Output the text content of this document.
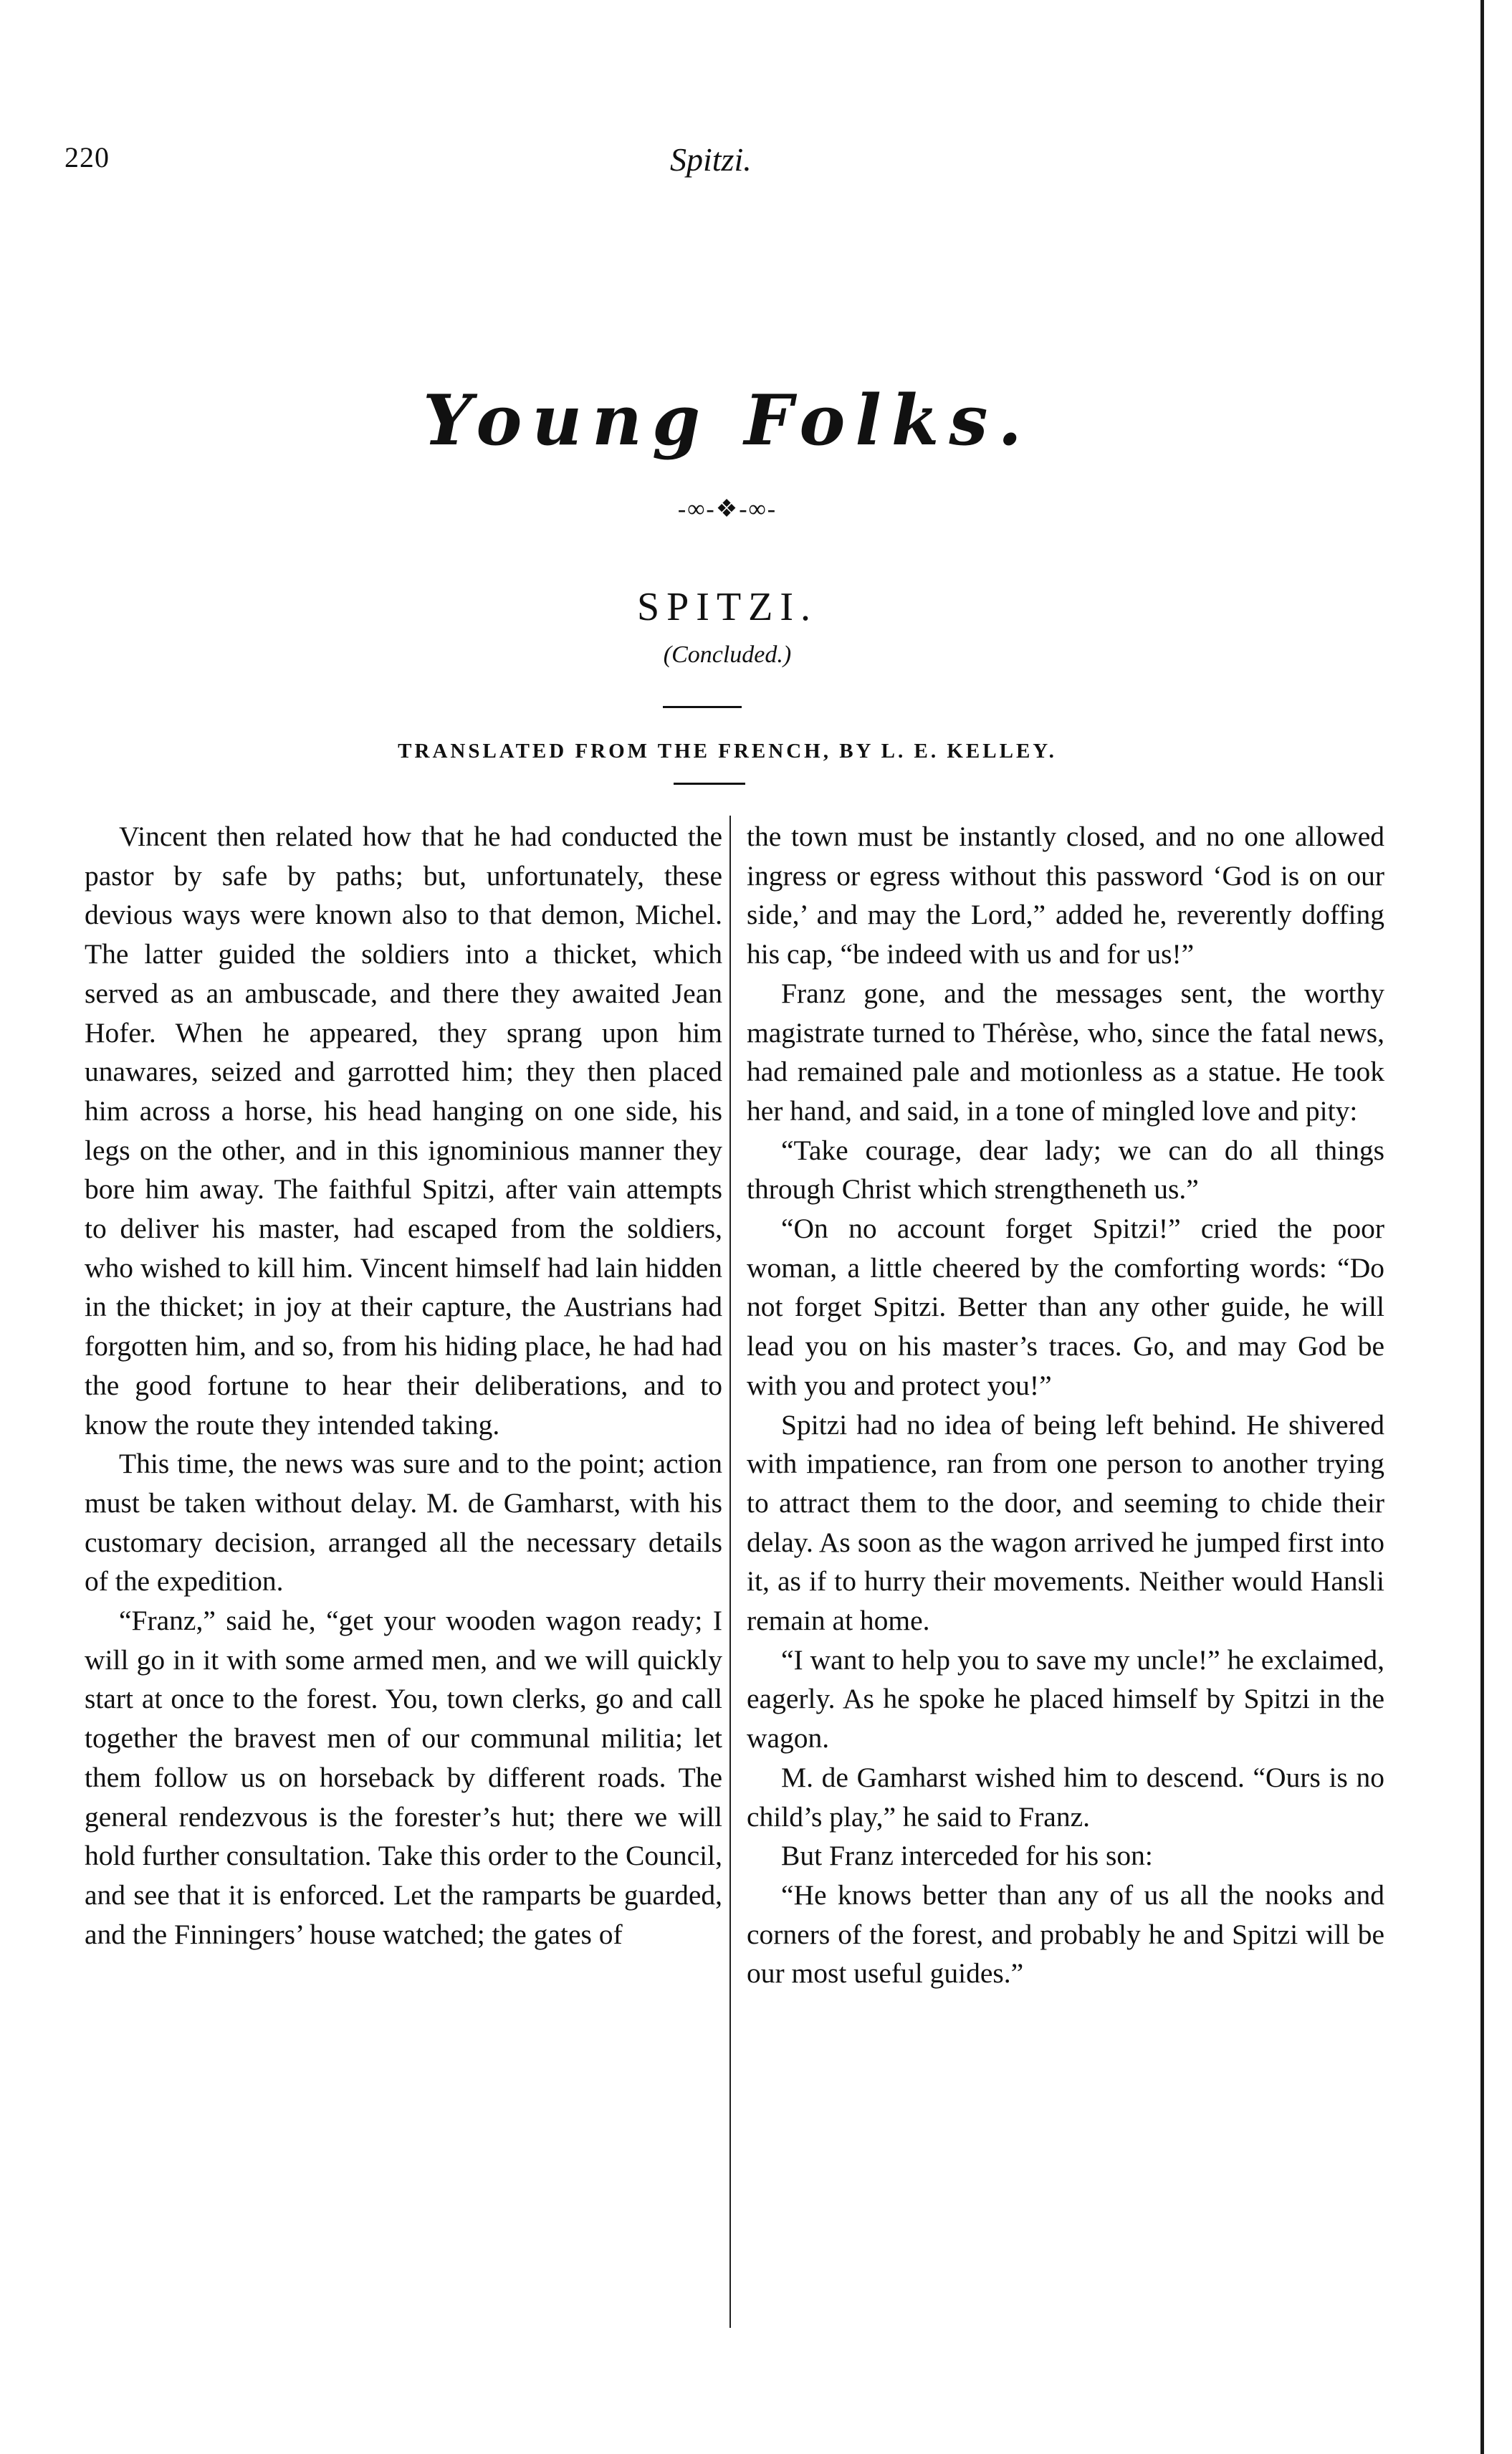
220	Spitzi.
Young Folks.
-∞-❖-∞-
SPITZI.
(Concluded.)
TRANSLATED FROM THE FRENCH, BY L. E. KELLEY.

Vincent then related how that he had conducted the pastor by safe by paths; but, unfortunately, these devious ways were known also to that demon, Michel. The latter guided the soldiers into a thicket, which served as an ambuscade, and there they awaited Jean Hofer. When he appeared, they sprang upon him unawares, seized and garrotted him; they then placed him across a horse, his head hanging on one side, his legs on the other, and in this ignominious manner they bore him away. The faithful Spitzi, after vain attempts to deliver his master, had escaped from the soldiers, who wished to kill him. Vincent himself had lain hidden in the thicket; in joy at their capture, the Austrians had forgotten him, and so, from his hiding place, he had had the good fortune to hear their deliberations, and to know the route they intended taking.

This time, the news was sure and to the point; action must be taken without delay. M. de Gamharst, with his customary decision, arranged all the necessary details of the expedition.

“Franz,” said he, “get your wooden wagon ready; I will go in it with some armed men, and we will quickly start at once to the forest. You, town clerks, go and call together the bravest men of our communal militia; let them follow us on horseback by different roads. The general rendezvous is the forester’s hut; there we will hold further consultation. Take this order to the Council, and see that it is enforced. Let the ramparts be guarded, and the Finningers’ house watched; the gates of

the town must be instantly closed, and no one allowed ingress or egress without this password ‘God is on our side,’ and may the Lord,” added he, reverently doffing his cap, “be indeed with us and for us!”

Franz gone, and the messages sent, the worthy magistrate turned to Thérèse, who, since the fatal news, had remained pale and motionless as a statue. He took her hand, and said, in a tone of mingled love and pity:

“Take courage, dear lady; we can do all things through Christ which strengtheneth us.”

“On no account forget Spitzi!” cried the poor woman, a little cheered by the comforting words: “Do not forget Spitzi. Better than any other guide, he will lead you on his master’s traces. Go, and may God be with you and protect you!”

Spitzi had no idea of being left behind. He shivered with impatience, ran from one person to another trying to attract them to the door, and seeming to chide their delay. As soon as the wagon arrived he jumped first into it, as if to hurry their movements. Neither would Hansli remain at home.

“I want to help you to save my uncle!” he exclaimed, eagerly. As he spoke he placed himself by Spitzi in the wagon.

M. de Gamharst wished him to descend. “Ours is no child’s play,” he said to Franz.

But Franz interceded for his son:

“He knows better than any of us all the nooks and corners of the forest, and probably he and Spitzi will be our most useful guides.”
